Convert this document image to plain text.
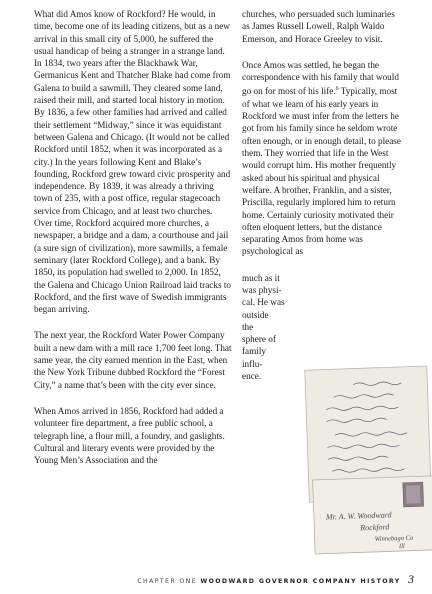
What did Amos know of Rockford? He would, in time, become one of its leading citizens, but as a new arrival in this small city of 5,000, he suffered the usual handicap of being a stranger in a strange land. In 1834, two years after the Blackhawk War, Germanicus Kent and Thatcher Blake had come from Galena to build a sawmill. They cleared some land, raised their mill, and started local history in motion. By 1836, a few other families had arrived and called their settlement “Midway,” since it was equidistant between Galena and Chicago. (It would not be called Rockford until 1852, when it was incorporated as a city.) In the years following Kent and Blake’s founding, Rockford grew toward civic prosperity and independence. By 1839, it was already a thriving town of 235, with a post office, regular stagecoach service from Chicago, and at least two churches. Over time, Rockford acquired more churches, a newspaper, a bridge and a dam, a courthouse and jail (a sure sign of civilization), more sawmills, a female seminary (later Rockford College), and a bank. By 1850, its population had swelled to 2,000. In 1852, the Galena and Chicago Union Railroad laid tracks to Rockford, and the first wave of Swedish immigrants began arriving.

The next year, the Rockford Water Power Company built a new dam with a mill race 1,700 feet long. That same year, the city earned mention in the East, when the New York Tribune dubbed Rockford the “Forest City,” a name that’s been with the city ever since.

When Amos arrived in 1856, Rockford had added a volunteer fire department, a free public school, a telegraph line, a flour mill, a foundry, and gaslights. Cultural and literary events were provided by the Young Men’s Association and the

churches, who persuaded such luminaries as James Russell Lowell, Ralph Waldo Emerson, and Horace Greeley to visit.

Once Amos was settled, he began the correspondence with his family that would go on for most of his life.$^6$ Typically, most of what we learn of his early years in Rockford we must infer from the letters he got from his family since he seldom wrote often enough, or in enough detail, to please them. They worried that life in the West would corrupt him. His mother frequently asked about his spiritual and physical welfare. A brother, Franklin, and a sister, Priscilla, regularly implored him to return home. Certainly curiosity motivated their often eloquent letters, but the distance separating Amos from home was psychological as

much as it
was physi-
cal. He was
outside
the
sphere of
family
influ-
ence.
Mr. A. W. Woodward
Rockford
Winnebago Co
Ill
CHAPTER ONE WOODWARD GOVERNOR COMPANY HISTORY 3
